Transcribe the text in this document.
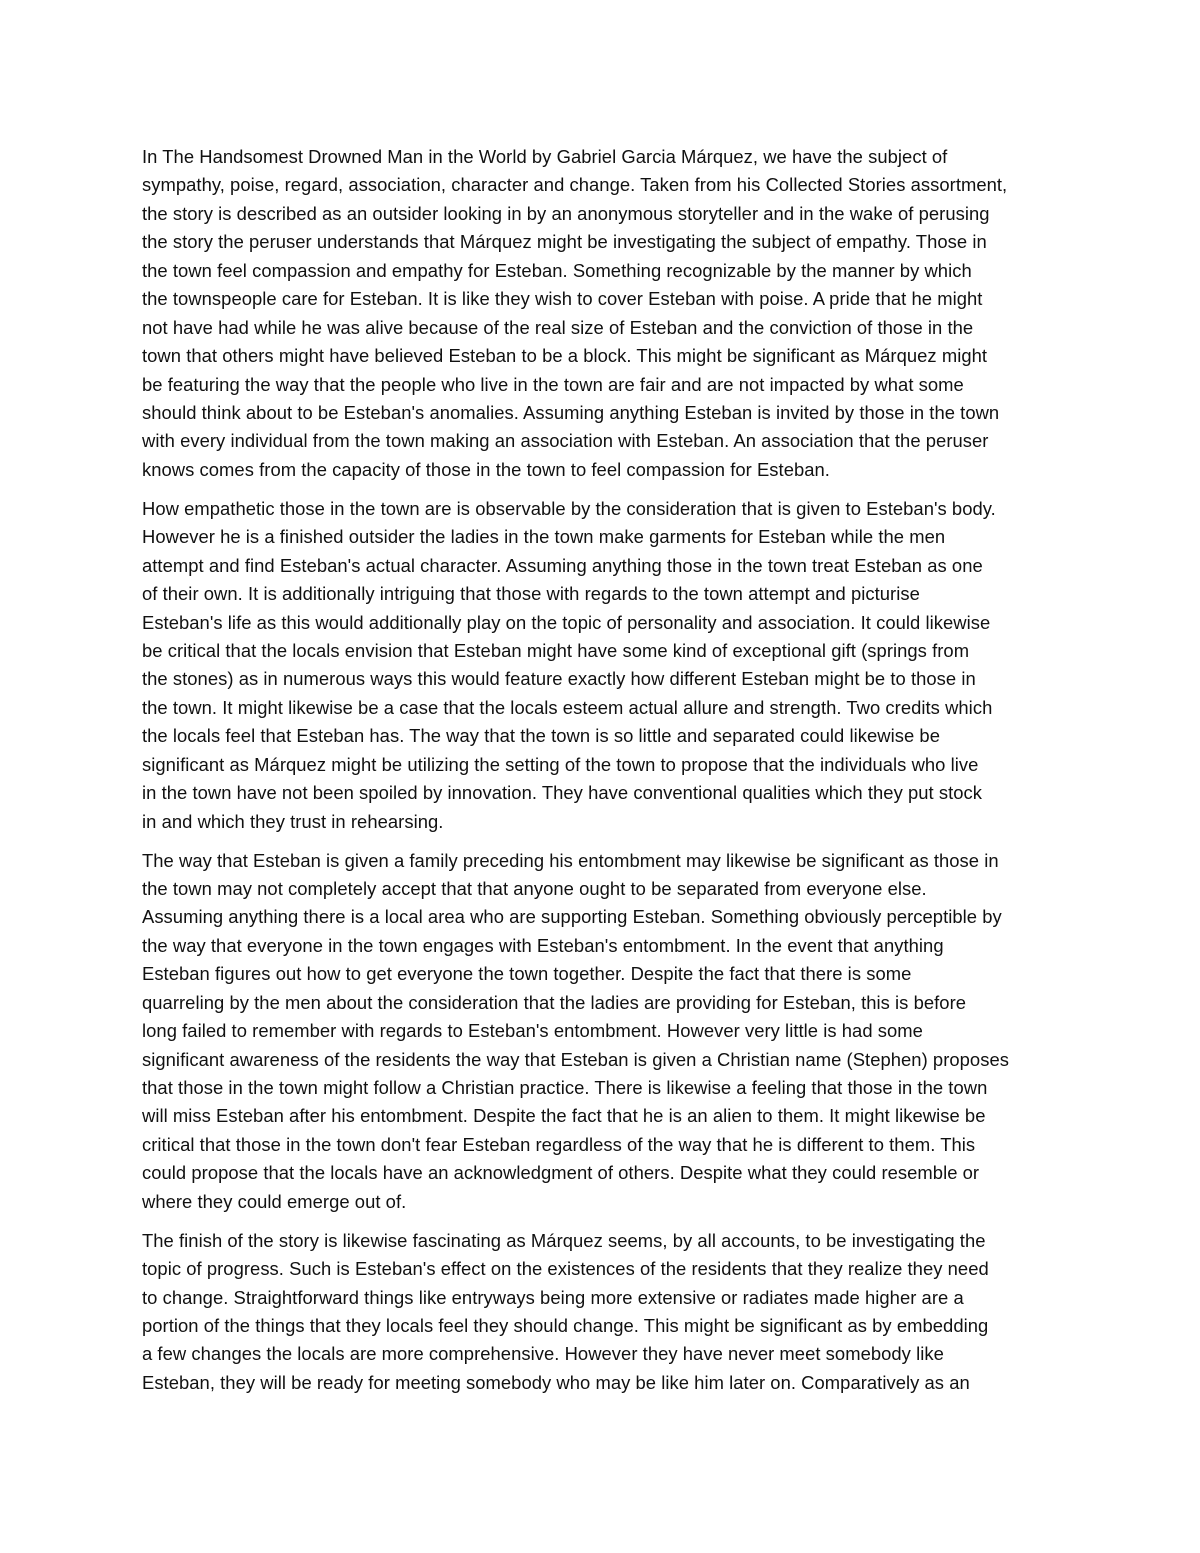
In The Handsomest Drowned Man in the World by Gabriel Garcia Márquez, we have the subject of
sympathy, poise, regard, association, character and change. Taken from his Collected Stories assortment,
the story is described as an outsider looking in by an anonymous storyteller and in the wake of perusing
the story the peruser understands that Márquez might be investigating the subject of empathy. Those in
the town feel compassion and empathy for Esteban. Something recognizable by the manner by which
the townspeople care for Esteban. It is like they wish to cover Esteban with poise. A pride that he might
not have had while he was alive because of the real size of Esteban and the conviction of those in the
town that others might have believed Esteban to be a block. This might be significant as Márquez might
be featuring the way that the people who live in the town are fair and are not impacted by what some
should think about to be Esteban's anomalies. Assuming anything Esteban is invited by those in the town
with every individual from the town making an association with Esteban. An association that the peruser
knows comes from the capacity of those in the town to feel compassion for Esteban.
How empathetic those in the town are is observable by the consideration that is given to Esteban's body.
However he is a finished outsider the ladies in the town make garments for Esteban while the men
attempt and find Esteban's actual character. Assuming anything those in the town treat Esteban as one
of their own. It is additionally intriguing that those with regards to the town attempt and picturise
Esteban's life as this would additionally play on the topic of personality and association. It could likewise
be critical that the locals envision that Esteban might have some kind of exceptional gift (springs from
the stones) as in numerous ways this would feature exactly how different Esteban might be to those in
the town. It might likewise be a case that the locals esteem actual allure and strength. Two credits which
the locals feel that Esteban has. The way that the town is so little and separated could likewise be
significant as Márquez might be utilizing the setting of the town to propose that the individuals who live
in the town have not been spoiled by innovation. They have conventional qualities which they put stock
in and which they trust in rehearsing.
The way that Esteban is given a family preceding his entombment may likewise be significant as those in
the town may not completely accept that that anyone ought to be separated from everyone else.
Assuming anything there is a local area who are supporting Esteban. Something obviously perceptible by
the way that everyone in the town engages with Esteban's entombment. In the event that anything
Esteban figures out how to get everyone the town together. Despite the fact that there is some
quarreling by the men about the consideration that the ladies are providing for Esteban, this is before
long failed to remember with regards to Esteban's entombment. However very little is had some
significant awareness of the residents the way that Esteban is given a Christian name (Stephen) proposes
that those in the town might follow a Christian practice. There is likewise a feeling that those in the town
will miss Esteban after his entombment. Despite the fact that he is an alien to them. It might likewise be
critical that those in the town don't fear Esteban regardless of the way that he is different to them. This
could propose that the locals have an acknowledgment of others. Despite what they could resemble or
where they could emerge out of.
The finish of the story is likewise fascinating as Márquez seems, by all accounts, to be investigating the
topic of progress. Such is Esteban's effect on the existences of the residents that they realize they need
to change. Straightforward things like entryways being more extensive or radiates made higher are a
portion of the things that they locals feel they should change. This might be significant as by embedding
a few changes the locals are more comprehensive. However they have never meet somebody like
Esteban, they will be ready for meeting somebody who may be like him later on. Comparatively as an
